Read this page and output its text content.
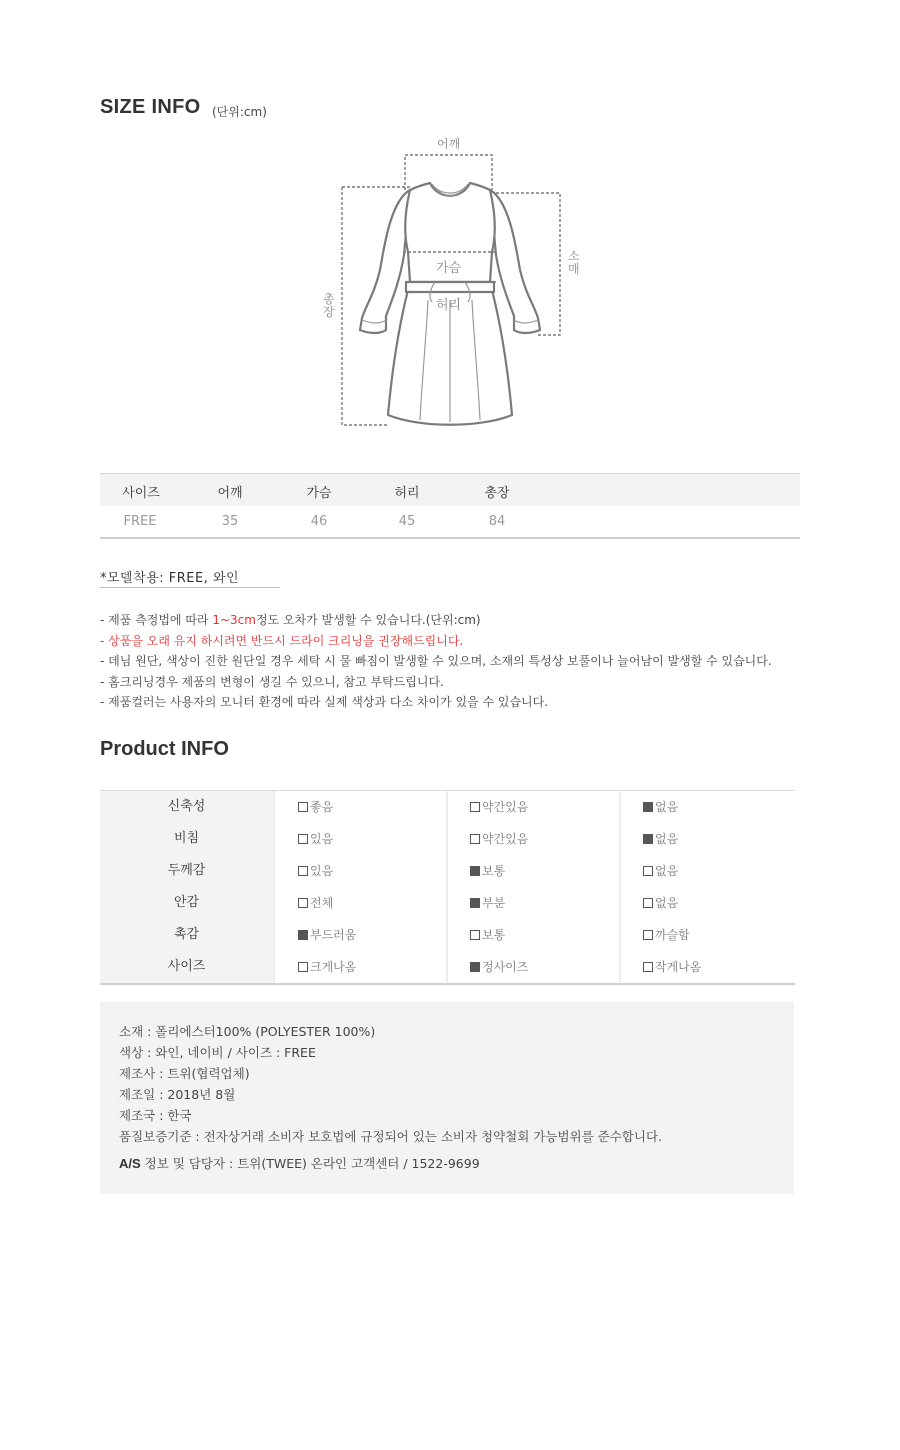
SIZE INFO (단위:cm)
어깨
소매
가슴
허리
총장
사이즈	어깨	가슴	허리	총장
FREE	35	46	45	84
*모델착용: FREE, 와인
- 제품 측정법에 따라 1~3cm정도 오차가 발생할 수 있습니다.(단위:cm)
- 상품을 오래 유지 하시려면 반드시 드라이 크리닝을 권장해드립니다.
- 데님 원단, 색상이 진한 원단일 경우 세탁 시 물 빠짐이 발생할 수 있으며, 소재의 특성상 보풀이나 늘어남이 발생할 수 있습니다.
- 홈크리닝경우 제품의 변형이 생길 수 있으니, 참고 부탁드립니다.
- 제품컬러는 사용자의 모니터 환경에 따라 실제 색상과 다소 차이가 있을 수 있습니다.
Product INFO
신축성	좋음	약간있음	없음
비침	있음	약간있음	없음
두께감	있음	보통	없음
안감	전체	부분	없음
촉감	부드러움	보통	까슬함
사이즈	크게나옴	정사이즈	작게나옴
소재 : 폴리에스터100% (POLYESTER 100%)
색상 : 와인, 네이비 / 사이즈 : FREE
제조사 : 트위(협력업체)
제조일 : 2018년 8월
제조국 : 한국
품질보증기준 : 전자상거래 소비자 보호법에 규정되어 있는 소비자 청약철회 가능범위를 준수합니다.
A/S 정보 및 담당자 : 트위(TWEE) 온라인 고객센터 / 1522-9699
